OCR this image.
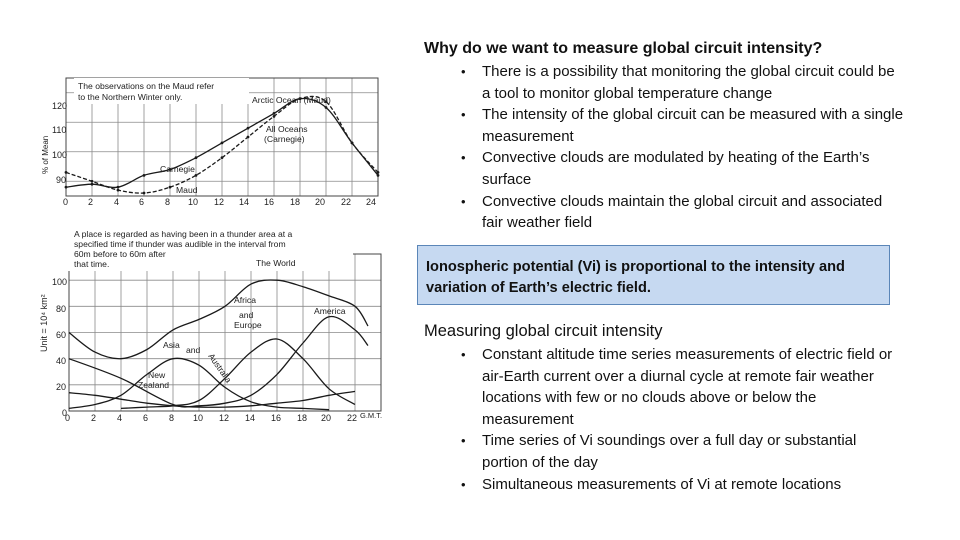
120
110
100
90
% of Mean
0 2 4 6 8 10 12 14 16 18 20 22 24
The observations on the Maud refer
to the Northern Winter only.	Arctic Ocean (Maud)
All Oceans
(Carnegie)
Carnegie
Maud
100
80
60
40
20
0
Unit = 10⁴ km²
0 2 4 6 8 10 12 14 16 18 20 22 G.M.T.
A place is regarded as having been in a thunder area at a
specified time if thunder was audible in the interval from
60m before to 60m after
that time.	The World
Africa
and
Europe
America
Asia and
Australia
New
Zealand
Why do we want to measure global circuit intensity?
• There is a possibility that monitoring the global circuit could be a tool to monitor global temperature change
• The intensity of the global circuit can be measured with a single measurement
• Convective clouds are modulated by heating of the Earth’s surface
• Convective clouds maintain the global circuit and associated fair weather field
Ionospheric potential (Vi) is proportional to the intensity and variation of Earth’s electric field.
Measuring global circuit intensity
• Constant altitude time series measurements of electric field or air-Earth current over a diurnal cycle at remote fair weather locations with few or no clouds above or below the measurement
• Time series of Vi soundings over a full day or substantial portion of the day
• Simultaneous measurements of Vi at remote locations
